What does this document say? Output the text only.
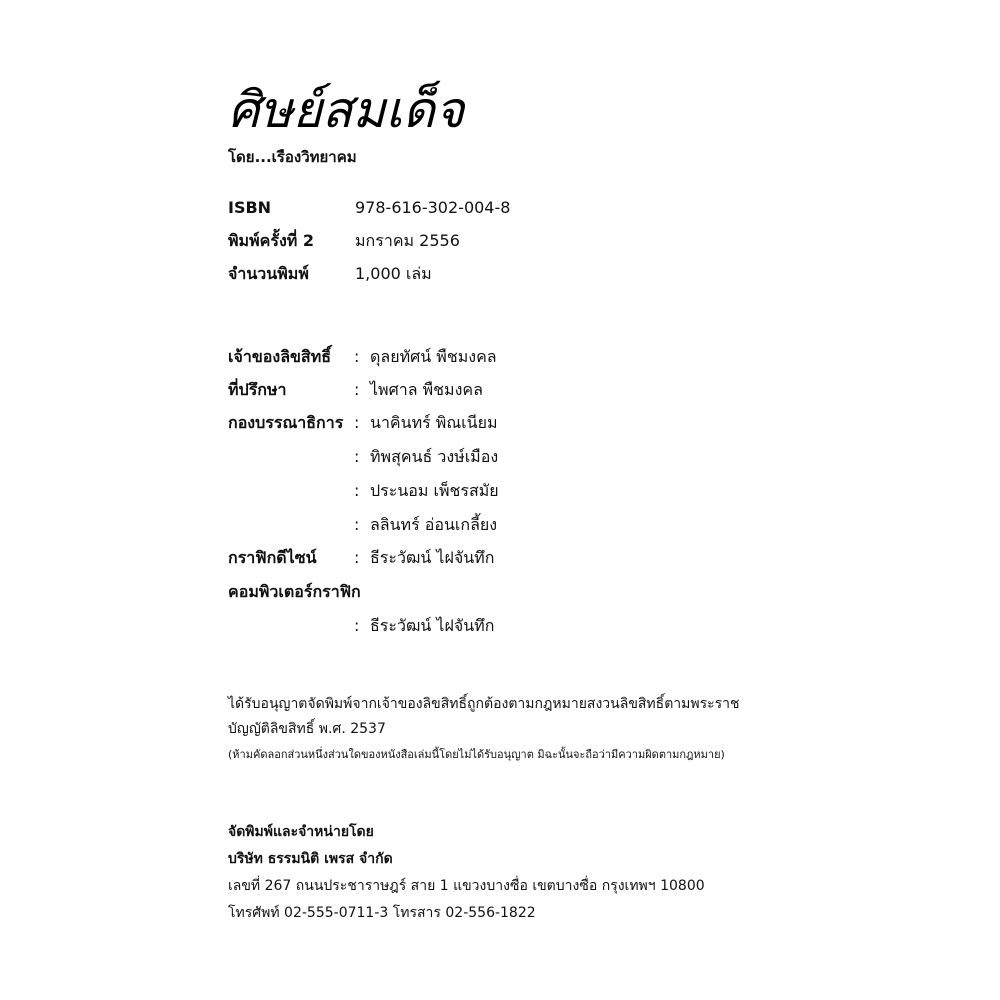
ศิษย์สมเด็จ
โดย...เรืองวิทยาคม
ISBN	978-616-302-004-8
พิมพ์ครั้งที่ 2	มกราคม 2556
จำนวนพิมพ์	1,000 เล่ม
เจ้าของลิขสิทธิ์ : ดุลยทัศน์ พืชมงคล
ที่ปรึกษา	: ไพศาล พืชมงคล
กองบรรณาธิการ : นาคินทร์ พิณเนียม
: ทิพสุคนธ์ วงษ์เมือง
: ประนอม เพ็ชรสมัย
: ลลินทร์ อ่อนเกลี้ยง
กราฟิกดีไซน์ : ธีระวัฒน์ ไฝจันทึก
คอมพิวเตอร์กราฟิก
: ธีระวัฒน์ ไฝจันทึก
ได้รับอนุญาตจัดพิมพ์จากเจ้าของลิขสิทธิ์ถูกต้องตามกฎหมายสงวนลิขสิทธิ์ตามพระราช
บัญญัติลิขสิทธิ์ พ.ศ. 2537
(ห้ามคัดลอกส่วนหนึ่งส่วนใดของหนังสือเล่มนี้โดยไม่ได้รับอนุญาต มิฉะนั้นจะถือว่ามีความผิดตามกฎหมาย)
จัดพิมพ์และจำหน่ายโดย
บริษัท ธรรมนิติ เพรส จำกัด
เลขที่ 267 ถนนประชาราษฎร์ สาย 1 แขวงบางซื่อ เขตบางซื่อ กรุงเทพฯ 10800
โทรศัพท์ 02-555-0711-3 โทรสาร 02-556-1822
